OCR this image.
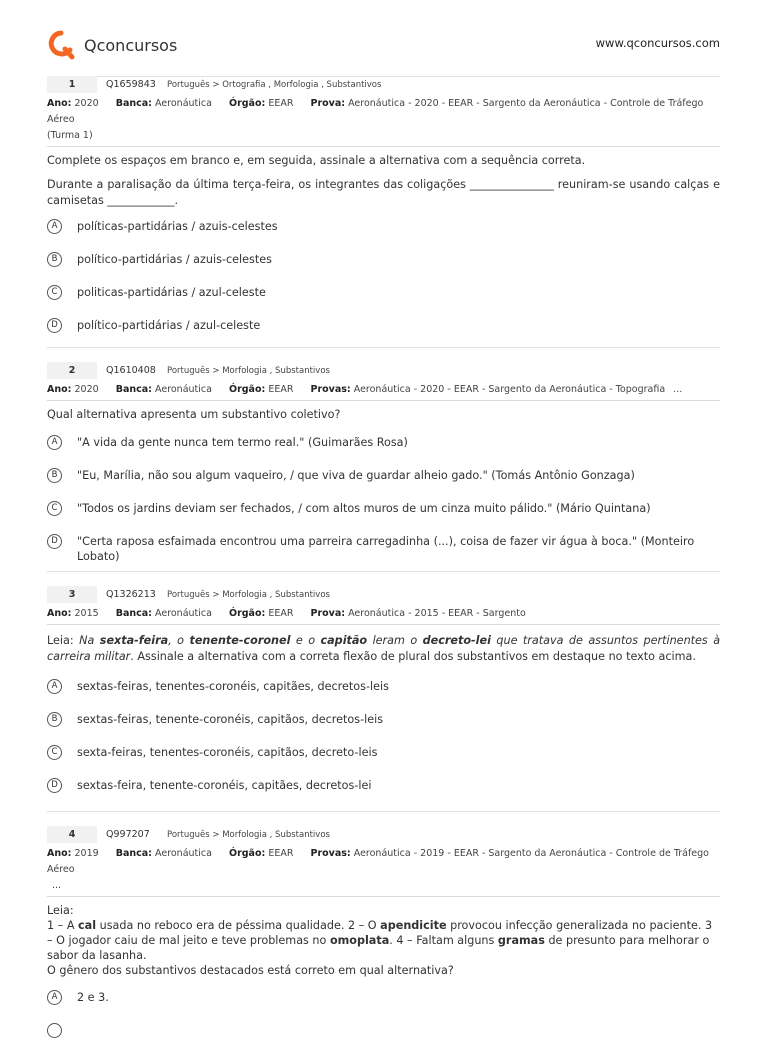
Qconcursos	www.qconcursos.com
1	Q1659843 Português > Ortografia , Morfologia , Substantivos
Ano: 2020 Banca: Aeronáutica Órgão: EEAR Prova: Aeronáutica - 2020 - EEAR - Sargento da Aeronáutica - Controle de Tráfego Aéreo
(Turma 1)
Complete os espaços em branco e, em seguida, assinale a alternativa com a sequência correta.
Durante a paralisação da última terça-feira, os integrantes das coligações _______________ reuniram-se usando calças e camisetas ____________.
A	políticas-partidárias / azuis-celestes
B	político-partidárias / azuis-celestes
C	politicas-partidárias / azul-celeste
D	político-partidárias / azul-celeste
2	Q1610408 Português > Morfologia , Substantivos
Ano: 2020 Banca: Aeronáutica Órgão: EEAR Provas: Aeronáutica - 2020 - EEAR - Sargento da Aeronáutica - Topografia ...
Qual alternativa apresenta um substantivo coletivo?
A	"A vida da gente nunca tem termo real." (Guimarães Rosa)
B	"Eu, Marília, não sou algum vaqueiro, / que viva de guardar alheio gado." (Tomás Antônio Gonzaga)
C	"Todos os jardins deviam ser fechados, / com altos muros de um cinza muito pálido." (Mário Quintana)
D	"Certa raposa esfaimada encontrou uma parreira carregadinha (...), coisa de fazer vir água à boca." (Monteiro Lobato)
3	Q1326213 Português > Morfologia , Substantivos
Ano: 2015 Banca: Aeronáutica Órgão: EEAR Prova: Aeronáutica - 2015 - EEAR - Sargento
Leia: Na sexta-feira, o tenente-coronel e o capitão leram o decreto-lei que tratava de assuntos pertinentes à carreira militar. Assinale a alternativa com a correta flexão de plural dos substantivos em destaque no texto acima.
A	sextas-feiras, tenentes-coronéis, capitães, decretos-leis
B	sextas-feiras, tenente-coronéis, capitãos, decretos-leis
C	sexta-feiras, tenentes-coronéis, capitãos, decreto-leis
D	sextas-feira, tenente-coronéis, capitães, decretos-lei
4	Q997207 Português > Morfologia , Substantivos
Ano: 2019 Banca: Aeronáutica Órgão: EEAR Provas: Aeronáutica - 2019 - EEAR - Sargento da Aeronáutica - Controle de Tráfego Aéreo
...
Leia:
1 – A cal usada no reboco era de péssima qualidade. 2 – O apendicite provocou infecção generalizada no paciente. 3 – O jogador caiu de mal jeito e teve problemas no omoplata. 4 – Faltam alguns gramas de presunto para melhorar o sabor da lasanha.
O gênero dos substantivos destacados está correto em qual alternativa?
A	2 e 3.
